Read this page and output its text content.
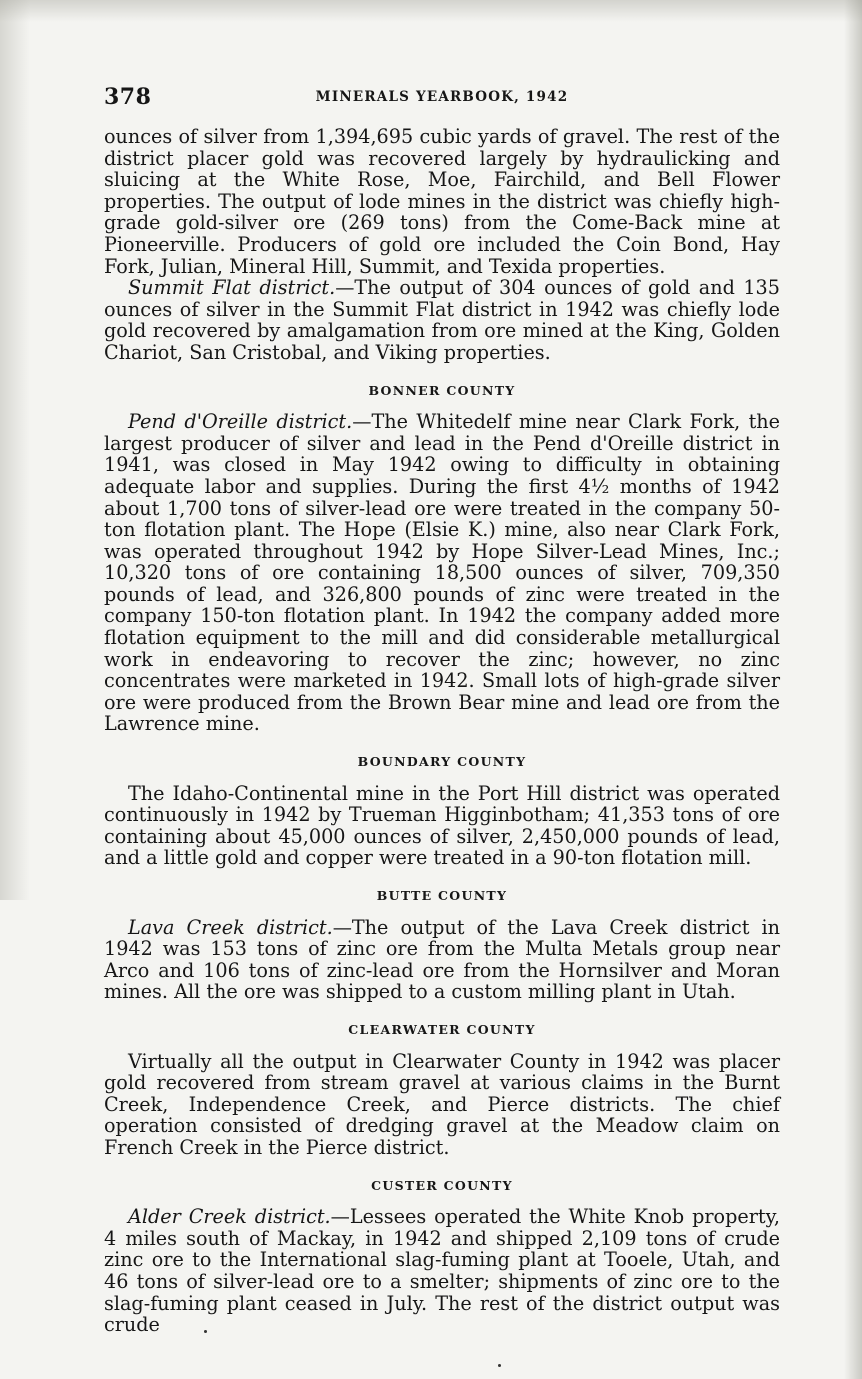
378	MINERALS YEARBOOK, 1942

ounces of silver from 1,394,695 cubic yards of gravel. The rest of the district placer gold was recovered largely by hydraulicking and sluicing at the White Rose, Moe, Fairchild, and Bell Flower properties. The output of lode mines in the district was chiefly high-grade gold-silver ore (269 tons) from the Come-Back mine at Pioneerville. Producers of gold ore included the Coin Bond, Hay Fork, Julian, Mineral Hill, Summit, and Texida properties.

Summit Flat district.—The output of 304 ounces of gold and 135 ounces of silver in the Summit Flat district in 1942 was chiefly lode gold recovered by amalgamation from ore mined at the King, Golden Chariot, San Cristobal, and Viking properties.

BONNER COUNTY

Pend d'Oreille district.—The Whitedelf mine near Clark Fork, the largest producer of silver and lead in the Pend d'Oreille district in 1941, was closed in May 1942 owing to difficulty in obtaining adequate labor and supplies. During the first 4½ months of 1942 about 1,700 tons of silver-lead ore were treated in the company 50-ton flotation plant. The Hope (Elsie K.) mine, also near Clark Fork, was operated throughout 1942 by Hope Silver-Lead Mines, Inc.; 10,320 tons of ore containing 18,500 ounces of silver, 709,350 pounds of lead, and 326,800 pounds of zinc were treated in the company 150-ton flotation plant. In 1942 the company added more flotation equipment to the mill and did considerable metallurgical work in endeavoring to recover the zinc; however, no zinc concentrates were marketed in 1942. Small lots of high-grade silver ore were produced from the Brown Bear mine and lead ore from the Lawrence mine.

BOUNDARY COUNTY

The Idaho-Continental mine in the Port Hill district was operated continuously in 1942 by Trueman Higginbotham; 41,353 tons of ore containing about 45,000 ounces of silver, 2,450,000 pounds of lead, and a little gold and copper were treated in a 90-ton flotation mill.

BUTTE COUNTY

Lava Creek district.—The output of the Lava Creek district in 1942 was 153 tons of zinc ore from the Multa Metals group near Arco and 106 tons of zinc-lead ore from the Hornsilver and Moran mines. All the ore was shipped to a custom milling plant in Utah.

CLEARWATER COUNTY

Virtually all the output in Clearwater County in 1942 was placer gold recovered from stream gravel at various claims in the Burnt Creek, Independence Creek, and Pierce districts. The chief operation consisted of dredging gravel at the Meadow claim on French Creek in the Pierce district.

CUSTER COUNTY

Alder Creek district.—Lessees operated the White Knob property, 4 miles south of Mackay, in 1942 and shipped 2,109 tons of crude zinc ore to the International slag-fuming plant at Tooele, Utah, and 46 tons of silver-lead ore to a smelter; shipments of zinc ore to the slag-fuming plant ceased in July. The rest of the district output was crude
